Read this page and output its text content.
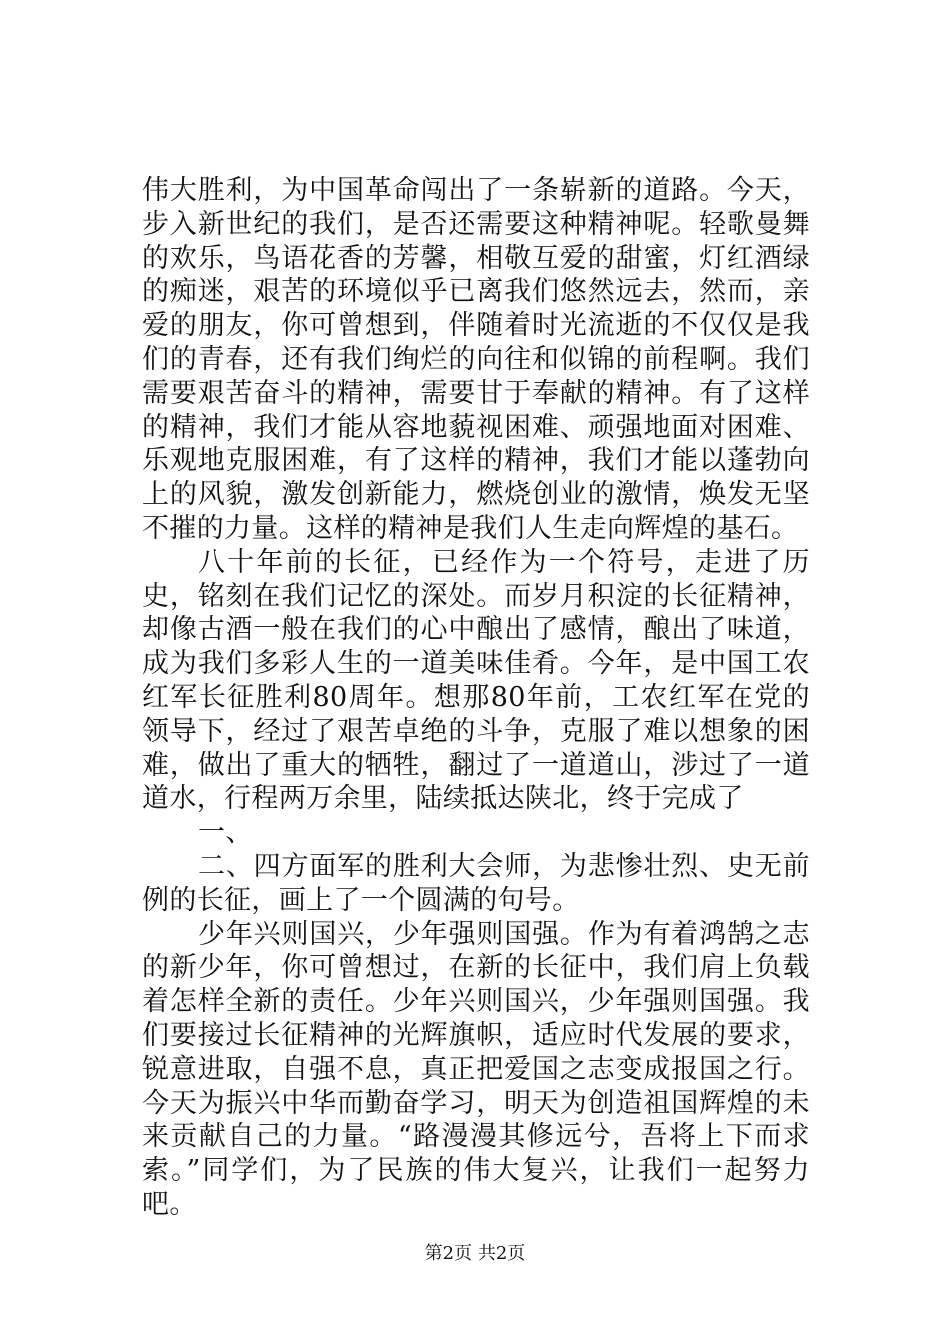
伟大胜利，为中国革命闯出了一条崭新的道路。今天，步入新世纪的我们，是否还需要这种精神呢。轻歌曼舞的欢乐，鸟语花香的芳馨，相敬互爱的甜蜜，灯红酒绿的痴迷，艰苦的环境似乎已离我们悠然远去，然而，亲爱的朋友，你可曾想到，伴随着时光流逝的不仅仅是我们的青春，还有我们绚烂的向往和似锦的前程啊。我们需要艰苦奋斗的精神，需要甘于奉献的精神。有了这样的精神，我们才能从容地藐视困难、顽强地面对困难、乐观地克服困难，有了这样的精神，我们才能以蓬勃向上的风貌，激发创新能力，燃烧创业的激情，焕发无坚不摧的力量。这样的精神是我们人生走向辉煌的基石。

八十年前的长征，已经作为一个符号，走进了历史，铭刻在我们记忆的深处。而岁月积淀的长征精神，却像古酒一般在我们的心中酿出了感情，酿出了味道，成为我们多彩人生的一道美味佳肴。今年，是中国工农红军长征胜利80周年。想那80年前，工农红军在党的领导下，经过了艰苦卓绝的斗争，克服了难以想象的困难，做出了重大的牺牲，翻过了一道道山，涉过了一道道水，行程两万余里，陆续抵达陕北，终于完成了

一、

二、四方面军的胜利大会师，为悲惨壮烈、史无前例的长征，画上了一个圆满的句号。

少年兴则国兴，少年强则国强。作为有着鸿鹄之志的新少年，你可曾想过，在新的长征中，我们肩上负载着怎样全新的责任。少年兴则国兴，少年强则国强。我们要接过长征精神的光辉旗帜，适应时代发展的要求，锐意进取，自强不息，真正把爱国之志变成报国之行。今天为振兴中华而勤奋学习，明天为创造祖国辉煌的未来贡献自己的力量。“路漫漫其修远兮，吾将上下而求索。”同学们，为了民族的伟大复兴，让我们一起努力吧。

第2页 共2页
